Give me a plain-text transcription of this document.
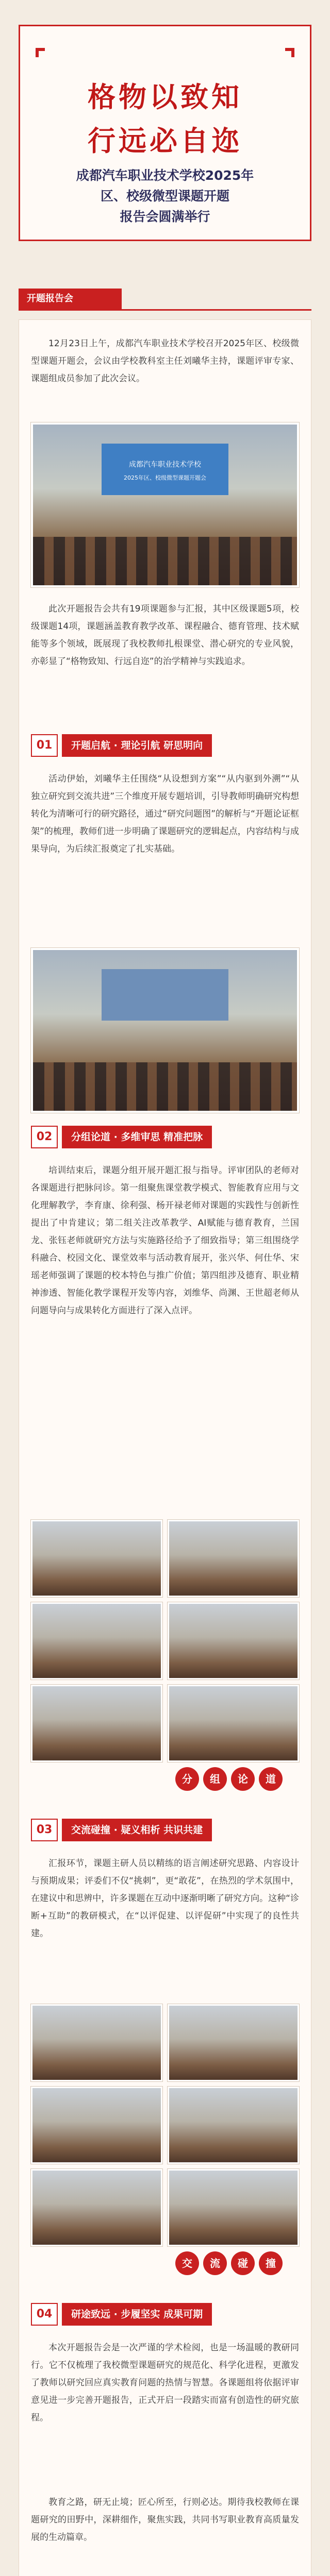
格物以致知
行远必自迩
成都汽车职业技术学校2025年
区、校级微型课题开题
报告会圆满举行
开题报告会
12月23日上午，成都汽车职业技术学校召开2025年区、校级微型课题开题会，会议由学校教科室主任刘曦华主持，课题评审专家、课题组成员参加了此次会议。
成都汽车职业技术学校
2025年区、校级微型课题开题会
此次开题报告会共有19项课题参与汇报，其中区级课题5项，校级课题14项，课题涵盖教育教学改革、课程融合、德育管理、技术赋能等多个领域，既展现了我校教师扎根课堂、潜心研究的专业风貌，亦彰显了“格物致知、行远自迩”的治学精神与实践追求。
01	开题启航 · 理论引航 研思明向
活动伊始，刘曦华主任围绕“从设想到方案”“从内驱到外溯”“从独立研究到交流共进”三个维度开展专题培训，引导教师明确研究构想转化为清晰可行的研究路径，通过“研究问题图”的解析与“开题论证框架”的梳理，教师们进一步明确了课题研究的逻辑起点，内容结构与成果导向，为后续汇报奠定了扎实基础。
02	分组论道 · 多维审思 精准把脉
培训结束后，课题分组开展开题汇报与指导。评审团队的老师对各课题进行把脉问诊。第一组聚焦课堂教学模式、智能教育应用与文化理解教学，李育康、徐利强、杨开禄老师对课题的实践性与创新性提出了中肯建议；第二组关注改革教学、AI赋能与德育教育，兰国龙、张钰老师就研究方法与实施路径给予了细致指导；第三组围绕学科融合、校园文化、课堂效率与活动教育展开，张兴华、何仕华、宋瑶老师强调了课题的校本特色与推广价值；第四组涉及德育、职业精神渗透、智能化教学课程开发等内容，刘维华、尚渊、王世超老师从问题导向与成果转化方面进行了深入点评。
分	组	论	道
03	交流碰撞 · 疑义相析 共识共建
汇报环节，课题主研人员以精练的语言阐述研究思路、内容设计与预期成果；评委们不仅“挑刺”，更“敢花”，在热烈的学术氛围中，在建议中和思辨中，许多课题在互动中逐渐明晰了研究方向。这种“诊断+互助”的教研模式，在“以评促建、以评促研”中实现了的良性共建。
交	流	碰	撞
04	研途致远 · 步履坚实 成果可期
本次开题报告会是一次严谨的学术检阅，也是一场温暖的教研同行。它不仅梳理了我校微型课题研究的规范化、科学化进程，更激发了教师以研究回应真实教育问题的热情与智慧。各课题组将依据评审意见进一步完善开题报告，正式开启一段踏实而富有创造性的研究旅程。
教育之路，研无止境；匠心所至，行则必达。期待我校教师在课题研究的田野中，深耕细作，聚焦实践，共同书写职业教育高质量发展的生动篇章。
